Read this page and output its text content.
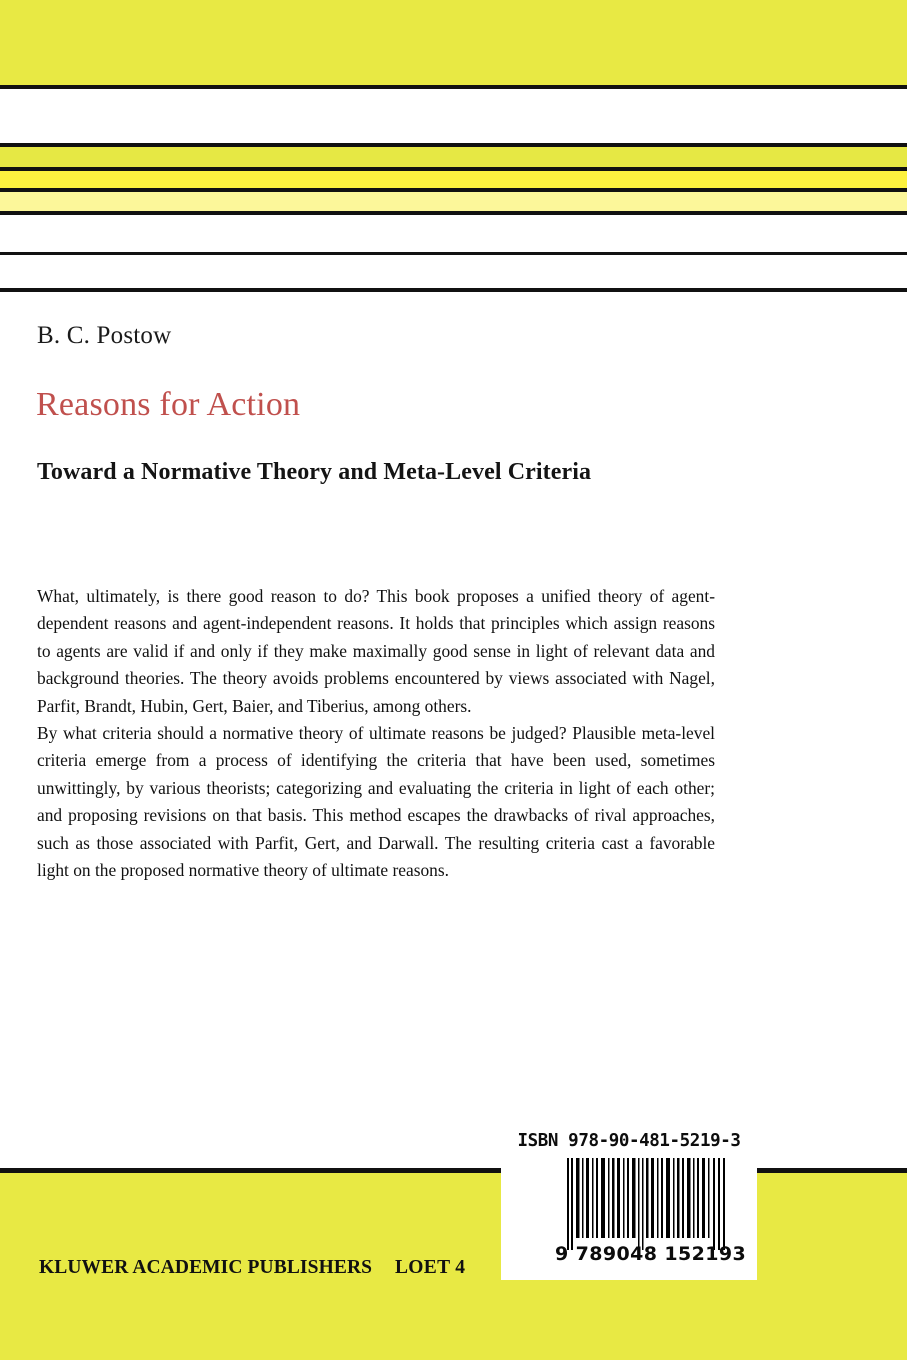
B. C. Postow
Reasons for Action
Toward a Normative Theory and Meta-Level Criteria

What, ultimately, is there good reason to do? This book proposes a unified theory of agent-dependent reasons and agent-independent reasons. It holds that principles which assign reasons to agents are valid if and only if they make maximally good sense in light of relevant data and background theories. The theory avoids problems encountered by views associated with Nagel, Parfit, Brandt, Hubin, Gert, Baier, and Tiberius, among others.

By what criteria should a normative theory of ultimate reasons be judged? Plausible meta-level criteria emerge from a process of identifying the criteria that have been used, sometimes unwittingly, by various theorists; categorizing and evaluating the criteria in light of each other; and proposing revisions on that basis. This method escapes the drawbacks of rival approaches, such as those associated with Parfit, Gert, and Darwall. The resulting criteria cast a favorable light on the proposed normative theory of ultimate reasons.

KLUWER ACADEMIC PUBLISHERS LOET 4
ISBN 978-90-481-5219-3
9 789048 152193
